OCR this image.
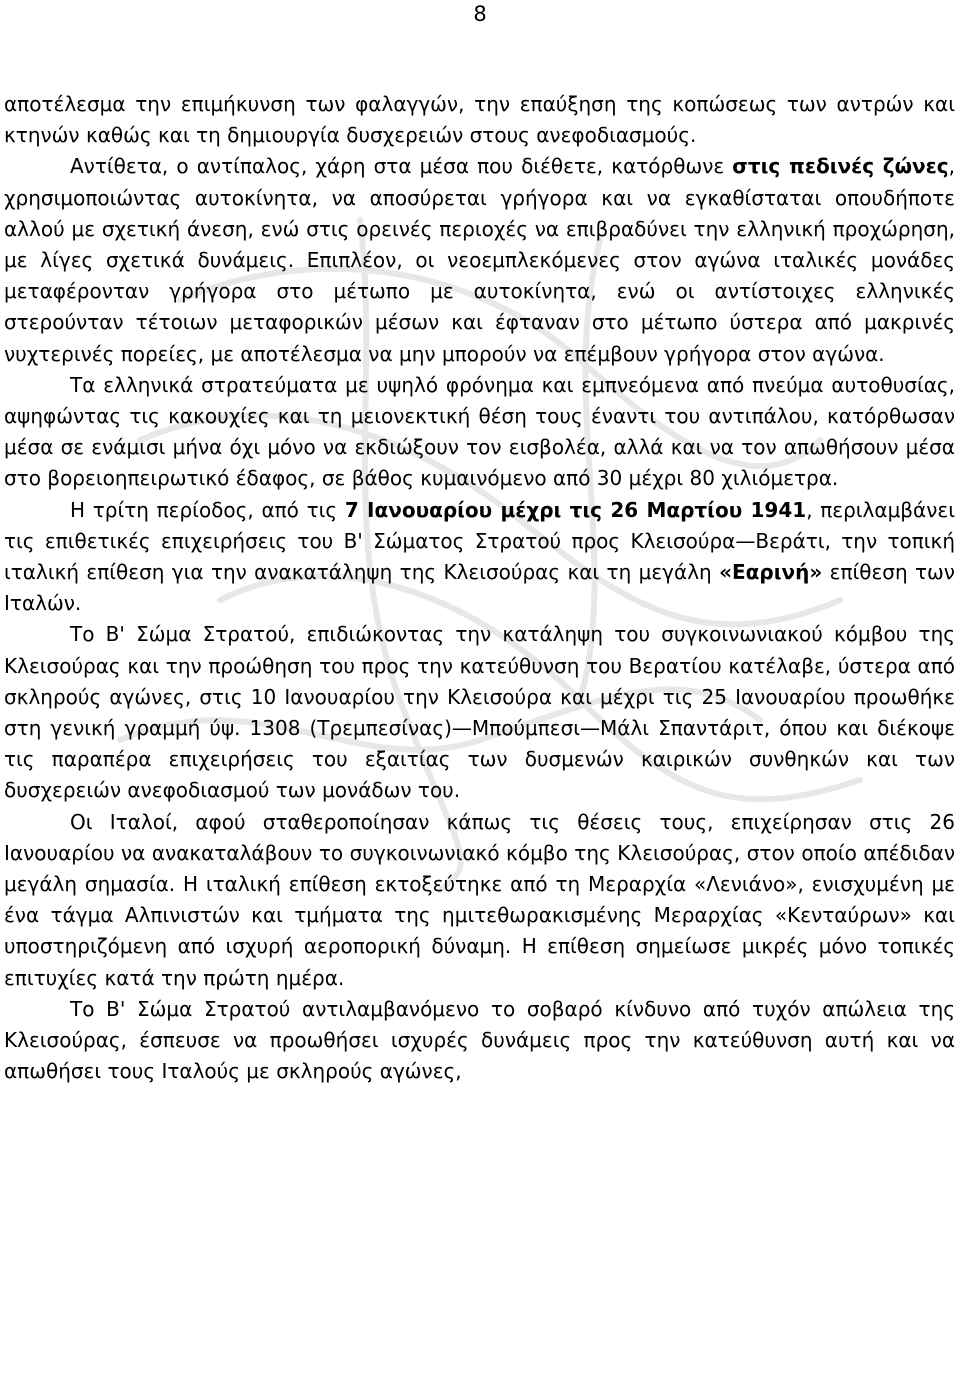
8

αποτέλεσμα την επιμήκυνση των φαλαγγών, την επαύξηση της κοπώσεως των αντρών και κτηνών καθώς και τη δημιουργία δυσχερειών στους ανεφοδιασμούς.

Αντίθετα, ο αντίπαλος, χάρη στα μέσα που διέθετε, κατόρθωνε στις πεδινές ζώνες, χρησιμοποιώντας αυτοκίνητα, να αποσύρεται γρήγορα και να εγκαθίσταται οπουδήποτε αλλού με σχετική άνεση, ενώ στις ορεινές περιοχές να επιβραδύνει την ελληνική προχώρηση, με λίγες σχετικά δυνάμεις. Επιπλέον, οι νεοεμπλεκόμενες στον αγώνα ιταλικές μονάδες μεταφέρονταν γρήγορα στο μέτωπο με αυτοκίνητα, ενώ οι αντίστοιχες ελληνικές στερούνταν τέτοιων μεταφορικών μέσων και έφταναν στο μέτωπο ύστερα από μακρινές νυχτερινές πορείες, με αποτέλεσμα να μην μπορούν να επέμβουν γρήγορα στον αγώνα.

Τα ελληνικά στρατεύματα με υψηλό φρόνημα και εμπνεόμενα από πνεύμα αυτοθυσίας, αψηφώντας τις κακουχίες και τη μειονεκτική θέση τους έναντι του αντιπάλου, κατόρθωσαν μέσα σε ενάμισι μήνα όχι μόνο να εκδιώξουν τον εισβολέα, αλλά και να τον απωθήσουν μέσα στο βορειοηπειρωτικό έδαφος, σε βάθος κυμαινόμενο από 30 μέχρι 80 χιλιόμετρα.

Η τρίτη περίοδος, από τις 7 Ιανουαρίου μέχρι τις 26 Μαρτίου 1941, περιλαμβάνει τις επιθετικές επιχειρήσεις του Β' Σώματος Στρατού προς Κλεισούρα—Βεράτι, την τοπική ιταλική επίθεση για την ανακατάληψη της Κλεισούρας και τη μεγάλη «Εαρινή» επίθεση των Ιταλών.

Το Β' Σώμα Στρατού, επιδιώκοντας την κατάληψη του συγκοινωνιακού κόμβου της Κλεισούρας και την προώθηση του προς την κατεύθυνση του Βερατίου κατέλαβε, ύστερα από σκληρούς αγώνες, στις 10 Ιανουαρίου την Κλεισούρα και μέχρι τις 25 Ιανουαρίου προωθήκε στη γενική γραμμή ύψ. 1308 (Τρεμπεσίνας)—Μπούμπεσι—Μάλι Σπαντάριτ, όπου και διέκοψε τις παραπέρα επιχειρήσεις του εξαιτίας των δυσμενών καιρικών συνθηκών και των δυσχερειών ανεφοδιασμού των μονάδων του.

Οι Ιταλοί, αφού σταθεροποίησαν κάπως τις θέσεις τους, επιχείρησαν στις 26 Ιανουαρίου να ανακαταλάβουν το συγκοινωνιακό κόμβο της Κλεισούρας, στον οποίο απέδιδαν μεγάλη σημασία. Η ιταλική επίθεση εκτοξεύτηκε από τη Μεραρχία «Λενιάνο», ενισχυμένη με ένα τάγμα Αλπινιστών και τμήματα της ημιτεθωρακισμένης Μεραρχίας «Κενταύρων» και υποστηριζόμενη από ισχυρή αεροπορική δύναμη. Η επίθεση σημείωσε μικρές μόνο τοπικές επιτυχίες κατά την πρώτη ημέρα.

Το Β' Σώμα Στρατού αντιλαμβανόμενο το σοβαρό κίνδυνο από τυχόν απώλεια της Κλεισούρας, έσπευσε να προωθήσει ισχυρές δυνάμεις προς την κατεύθυνση αυτή και να απωθήσει τους Ιταλούς με σκληρούς αγώνες,
